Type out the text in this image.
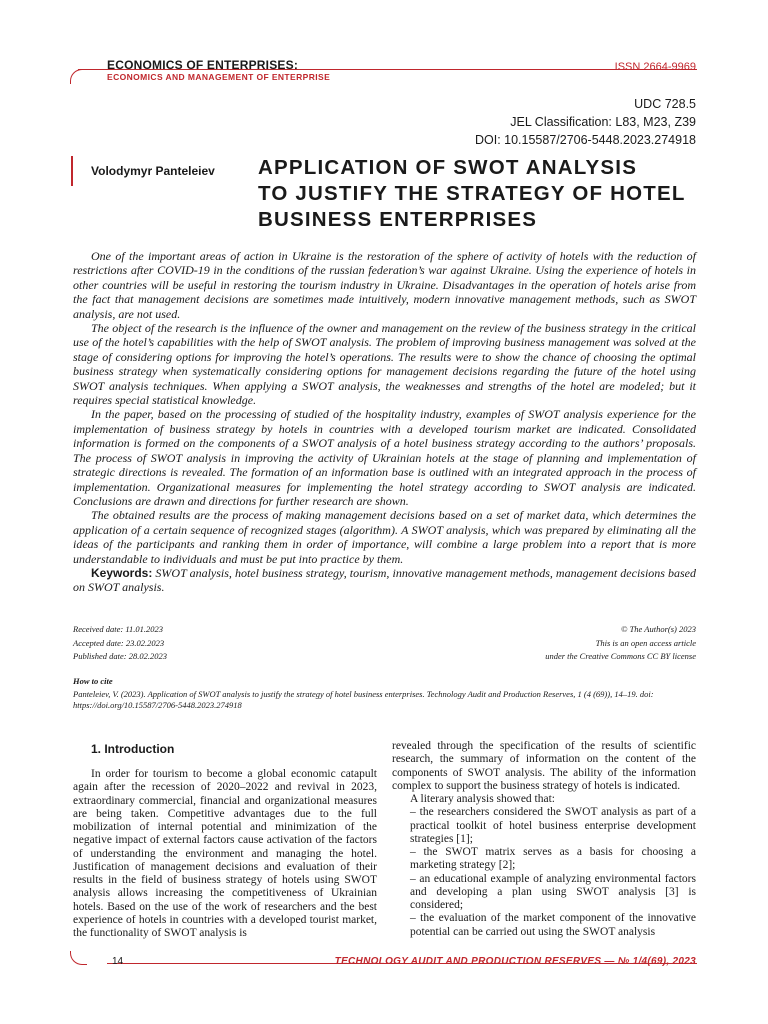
ECONOMICS OF ENTERPRISES:
ECONOMICS AND MANAGEMENT OF ENTERPRISE
ISSN 2664-9969
UDC 728.5
JEL Classification: L83, M23, Z39
DOI: 10.15587/2706-5448.2023.274918
Volodymyr Panteleiev APPLICATION OF SWOT ANALYSIS
TO JUSTIFY THE STRATEGY OF HOTEL
BUSINESS ENTERPRISES

One of the important areas of action in Ukraine is the restoration of the sphere of activity of hotels with the reduction of restrictions after COVID-19 in the conditions of the russian federation’s war against Ukraine. Using the experience of hotels in other countries will be useful in restoring the tourism industry in Ukraine. Disadvantages in the operation of hotels arise from the fact that management decisions are sometimes made intuitively, modern innovative management methods, such as SWOT analysis, are not used.

The object of the research is the influence of the owner and management on the review of the business strategy in the critical use of the hotel’s capabilities with the help of SWOT analysis. The problem of improving business management was solved at the stage of considering options for improving the hotel’s operations. The results were to show the chance of choosing the optimal business strategy when systematically considering options for management decisions regarding the future of the hotel using SWOT analysis techniques. When applying a SWOT analysis, the weaknesses and strengths of the hotel are modeled; but it requires special statistical knowledge.

In the paper, based on the processing of studied of the hospitality industry, examples of SWOT analysis experience for the implementation of business strategy by hotels in countries with a developed tourism market are indicated. Consolidated information is formed on the components of a SWOT analysis of a hotel business strategy according to the authors’ proposals. The process of SWOT analysis in improving the activity of Ukrainian hotels at the stage of planning and implementation of strategic directions is revealed. The formation of an information base is outlined with an integrated approach in the process of implementation. Organizational measures for implementing the hotel strategy according to SWOT analysis are indicated. Conclusions are drawn and directions for further research are shown.

The obtained results are the process of making management decisions based on a set of market data, which determines the application of a certain sequence of recognized stages (algorithm). A SWOT analysis, which was prepared by eliminating all the ideas of the participants and ranking them in order of importance, will combine a large problem into a report that is more understandable to individuals and must be put into practice by them.

Keywords: SWOT analysis, hotel business strategy, tourism, innovative management methods, management decisions based on SWOT analysis.

Received date: 11.01.2023
Accepted date: 23.02.2023
Published date: 28.02.2023
© The Author(s) 2023
This is an open access article
under the Creative Commons CC BY license
How to cite
Panteleiev, V. (2023). Application of SWOT analysis to justify the strategy of hotel business enterprises. Technology Audit and Production Reserves, 1 (4 (69)), 14–19. doi: https://doi.org/10.15587/2706-5448.2023.274918
1. Introduction

In order for tourism to become a global economic catapult again after the recession of 2020–2022 and revival in 2023, extraordinary commercial, financial and organizational measures are being taken. Competitive advantages due to the full mobilization of internal potential and minimization of the negative impact of external factors cause activation of the factors of understanding the environment and managing the hotel. Justification of management decisions and evaluation of their results in the field of business strategy of hotels using SWOT analysis allows increasing the competitiveness of Ukrainian hotels. Based on the use of the work of researchers and the best experience of hotels in countries with a developed tourist market, the functionality of SWOT analysis is

revealed through the specification of the results of scientific research, the summary of information on the content of the components of SWOT analysis. The ability of the information complex to support the business strategy of hotels is indicated.

A literary analysis showed that:

– the researchers considered the SWOT analysis as part of a practical toolkit of hotel business enterprise development strategies [1];

– the SWOT matrix serves as a basis for choosing a marketing strategy [2];

– an educational example of analyzing environmental factors and developing a plan using SWOT analysis [3] is considered;

– the evaluation of the market component of the innovative potential can be carried out using the SWOT analysis

14	TECHNOLOGY AUDIT AND PRODUCTION RESERVES — № 1/4(69), 2023
